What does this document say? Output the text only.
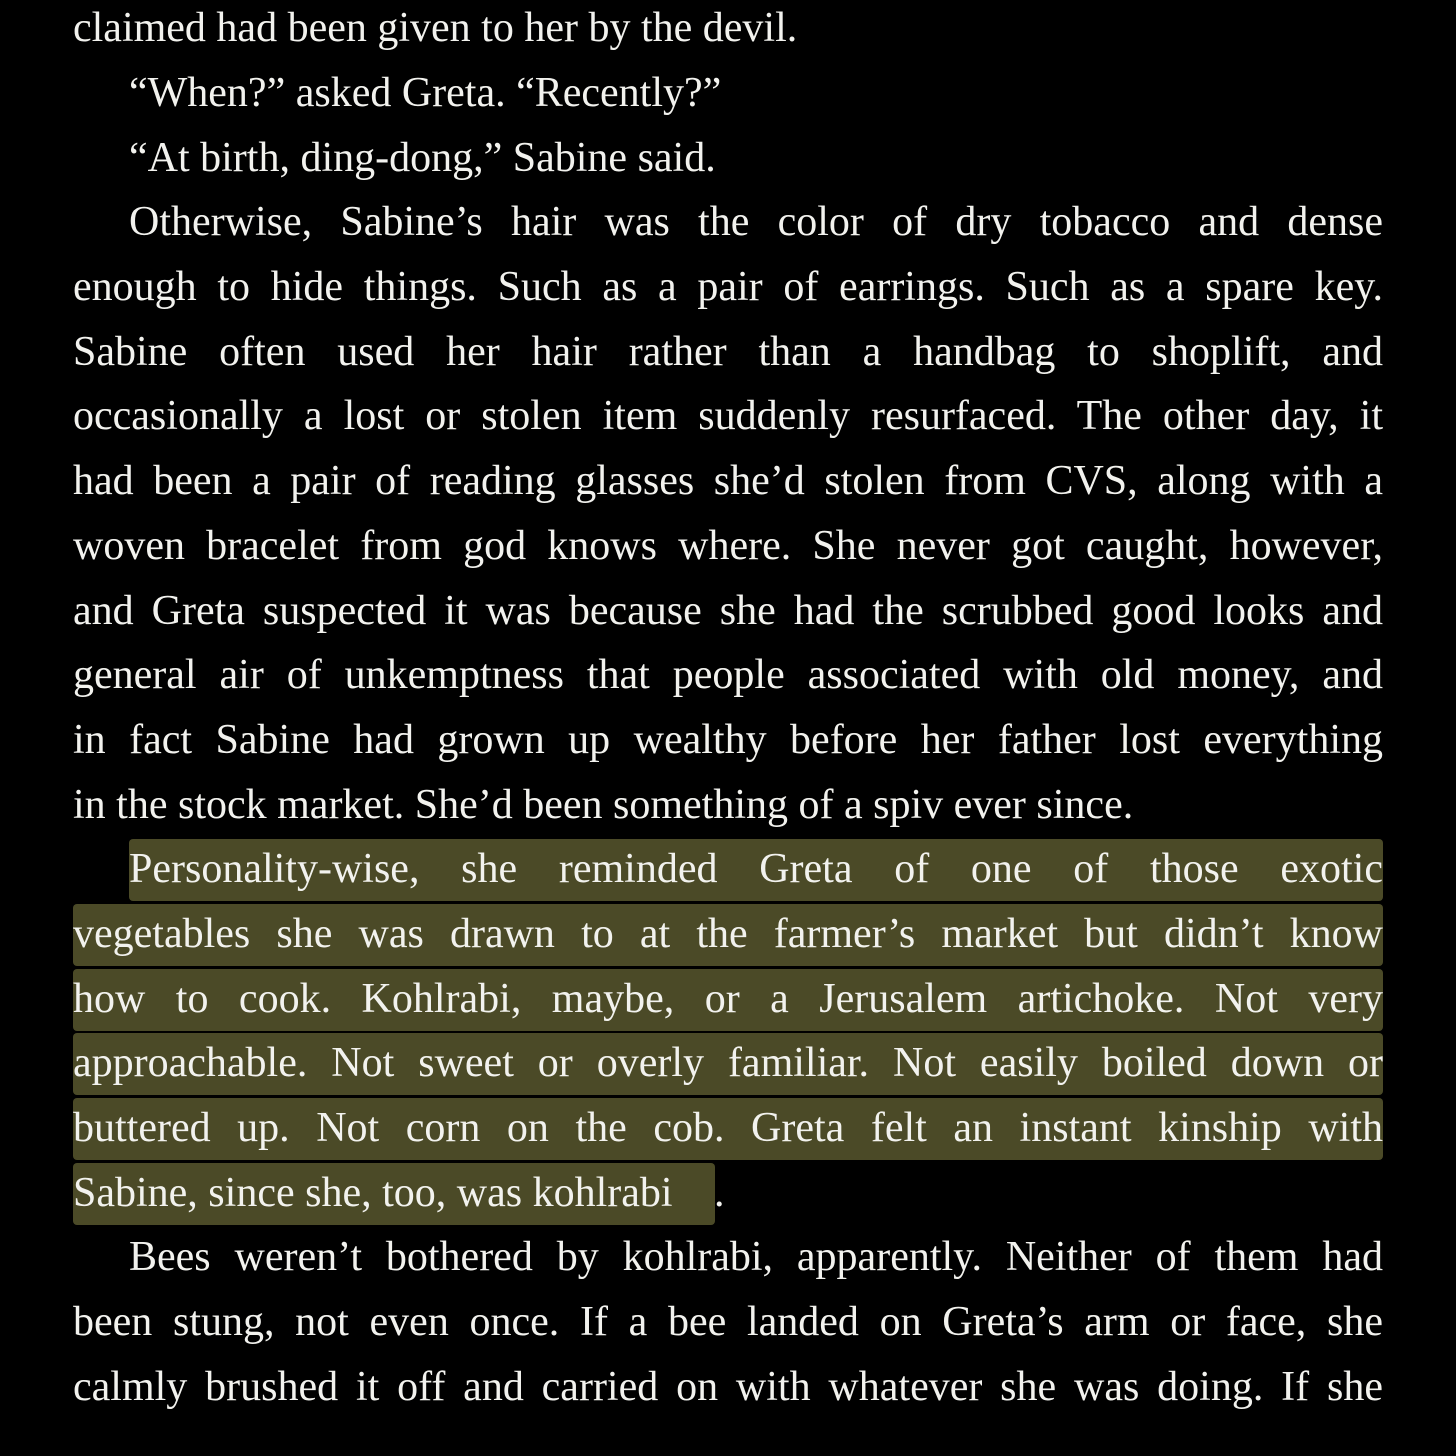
claimed had been given to her by the devil.
“When?” asked Greta. “Recently?”
“At birth, ding-dong,” Sabine said.
Otherwise, Sabine’s hair was the color of dry tobacco and dense
enough to hide things. Such as a pair of earrings. Such as a spare key.
Sabine often used her hair rather than a handbag to shoplift, and
occasionally a lost or stolen item suddenly resurfaced. The other day, it
had been a pair of reading glasses she’d stolen from CVS, along with a
woven bracelet from god knows where. She never got caught, however,
and Greta suspected it was because she had the scrubbed good looks and
general air of unkemptness that people associated with old money, and
in fact Sabine had grown up wealthy before her father lost everything
in the stock market. She’d been something of a spiv ever since.
Personality-wise, she reminded Greta of one of those exotic
vegetables she was drawn to at the farmer’s market but didn’t know
how to cook. Kohlrabi, maybe, or a Jerusalem artichoke. Not very
approachable. Not sweet or overly familiar. Not easily boiled down or
buttered up. Not corn on the cob. Greta felt an instant kinship with
Sabine, since she, too, was kohlrabi .
Bees weren’t bothered by kohlrabi, apparently. Neither of them had
been stung, not even once. If a bee landed on Greta’s arm or face, she
calmly brushed it off and carried on with whatever she was doing. If she
